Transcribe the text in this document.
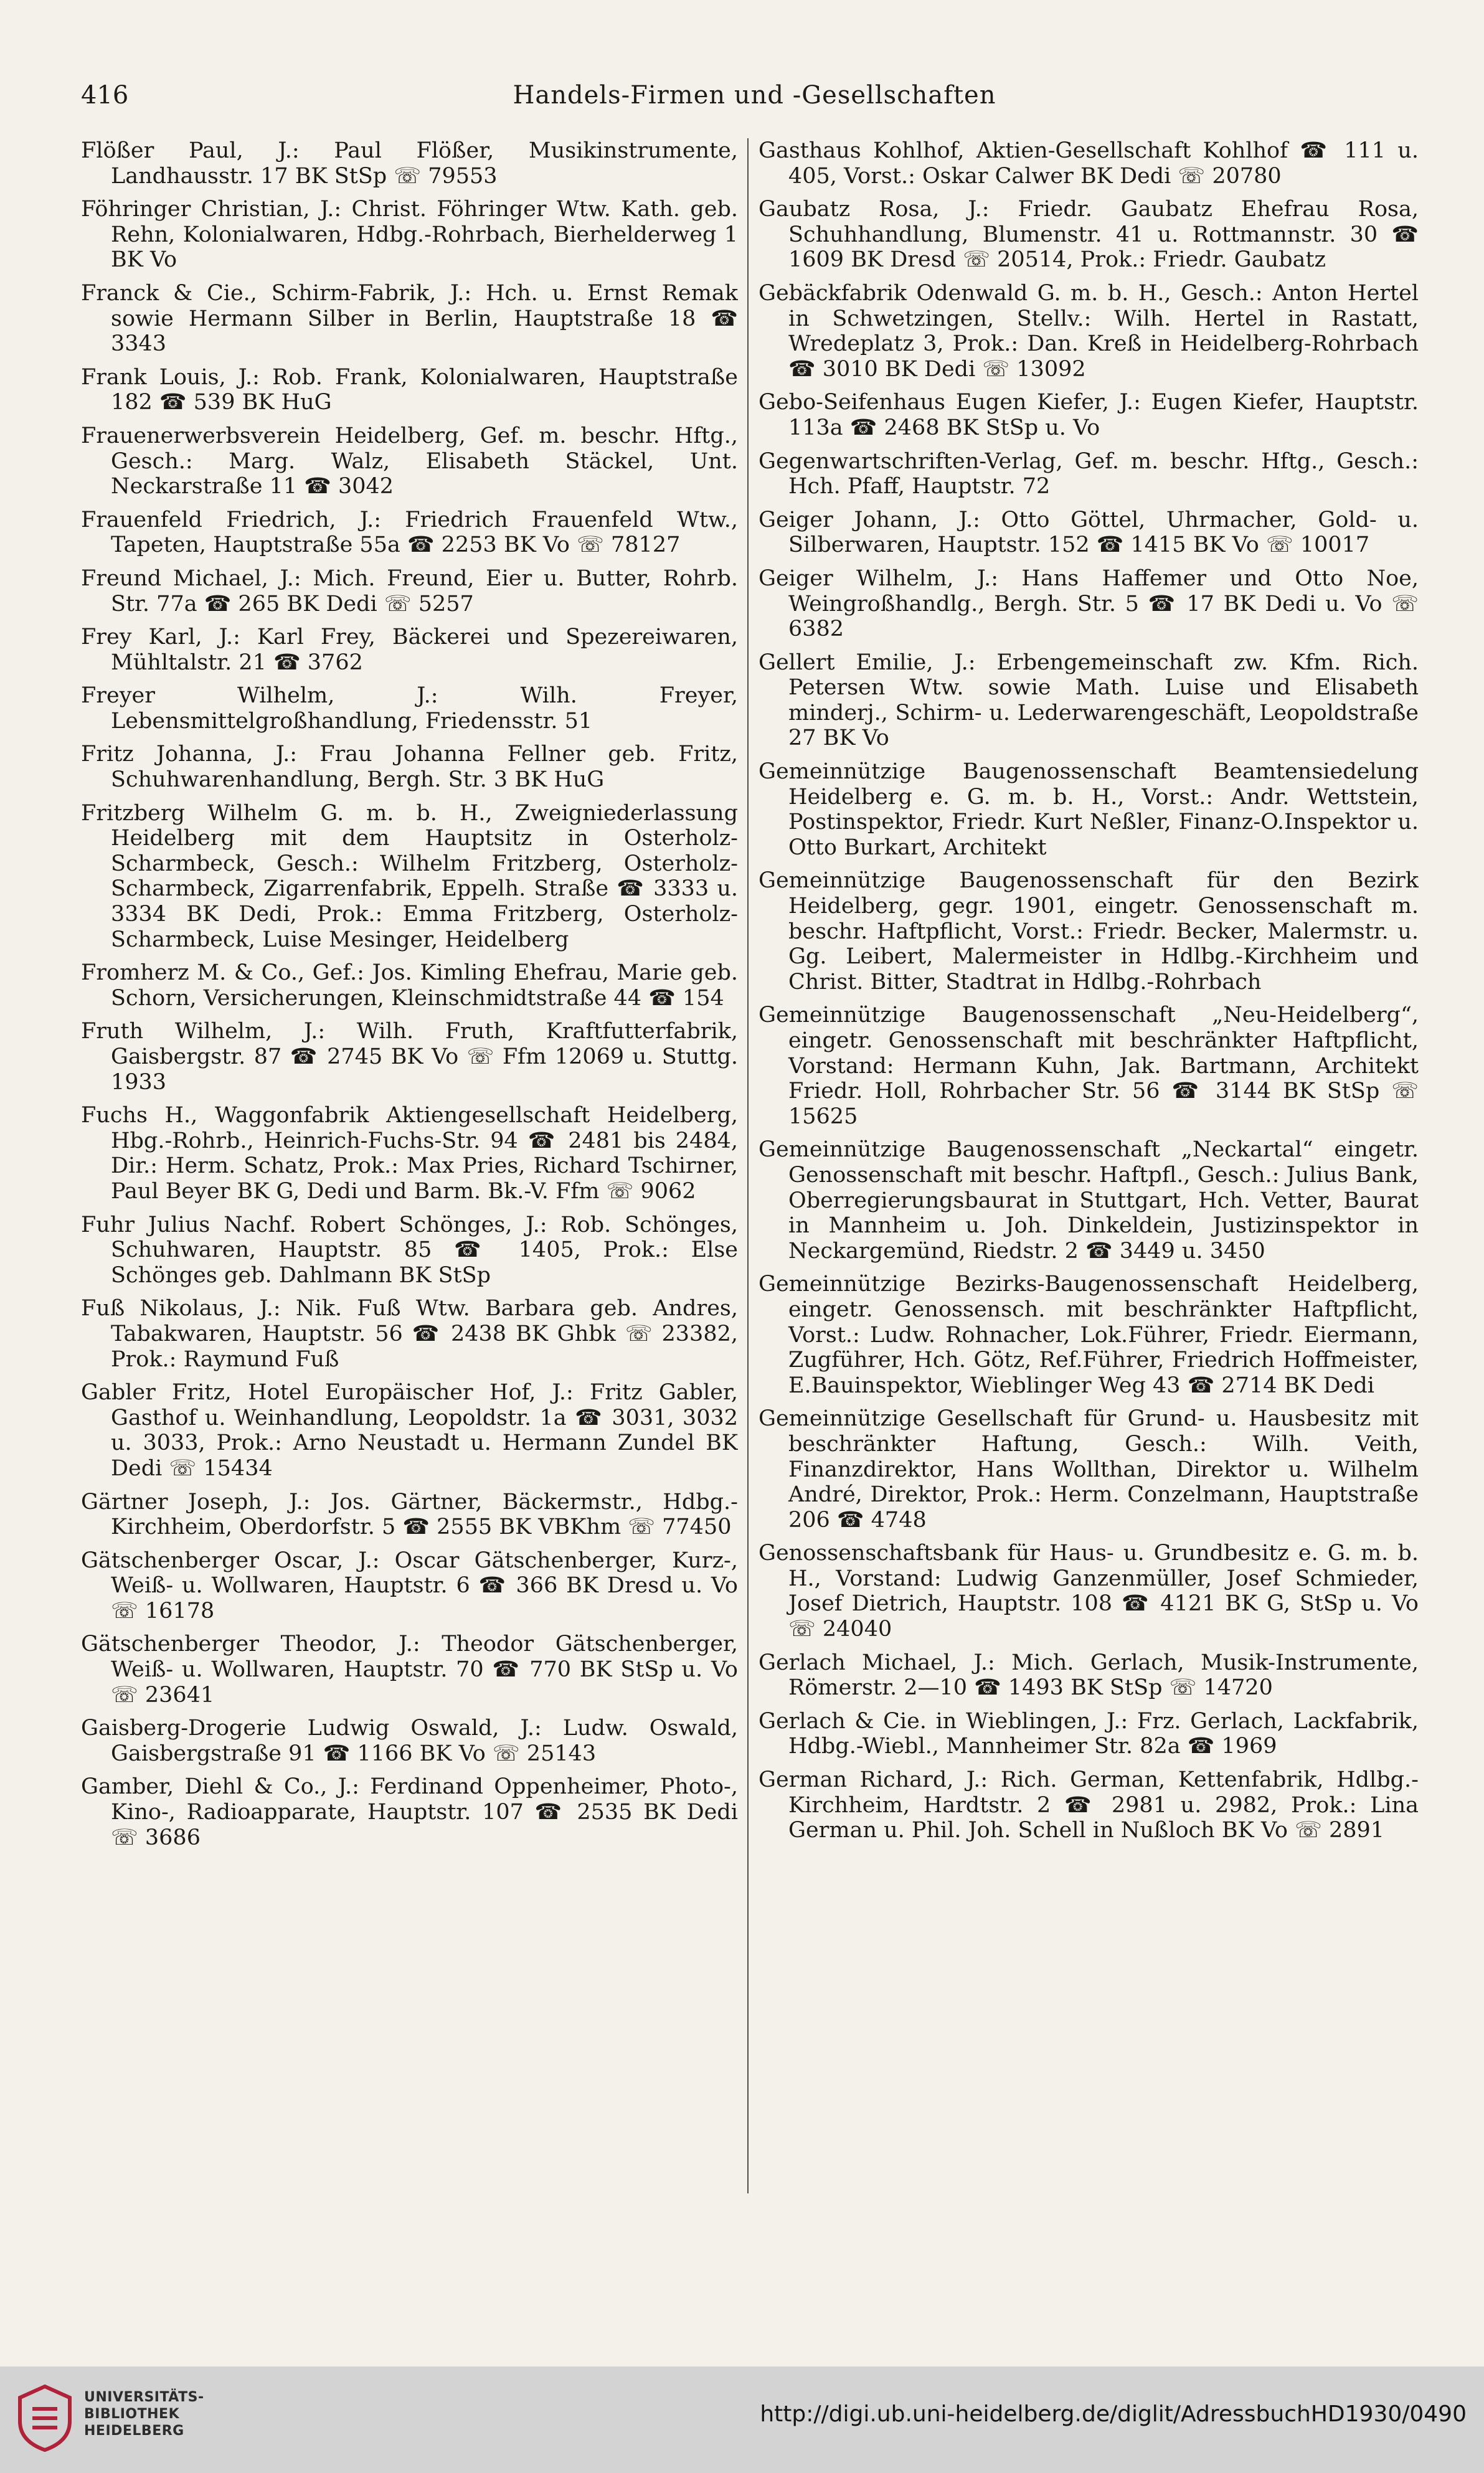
416	Handels-Firmen und -Gesellschaften

Flößer Paul, J.: Paul Flößer, Musikinstrumente, Landhausstr. 17 BK StSp ☏ 79553

Föhringer Christian, J.: Christ. Föhringer Wtw. Kath. geb. Rehn, Kolonialwaren, Hdbg.-Rohrbach, Bierhelderweg 1 BK Vo

Franck & Cie., Schirm-Fabrik, J.: Hch. u. Ernst Remak sowie Hermann Silber in Berlin, Hauptstraße 18 ☎ 3343

Frank Louis, J.: Rob. Frank, Kolonialwaren, Hauptstraße 182 ☎ 539 BK HuG

Frauenerwerbsverein Heidelberg, Gef. m. beschr. Hftg., Gesch.: Marg. Walz, Elisabeth Stäckel, Unt. Neckarstraße 11 ☎ 3042

Frauenfeld Friedrich, J.: Friedrich Frauenfeld Wtw., Tapeten, Hauptstraße 55a ☎ 2253 BK Vo ☏ 78127

Freund Michael, J.: Mich. Freund, Eier u. Butter, Rohrb. Str. 77a ☎ 265 BK Dedi ☏ 5257

Frey Karl, J.: Karl Frey, Bäckerei und Spezereiwaren, Mühltalstr. 21 ☎ 3762

Freyer Wilhelm, J.: Wilh. Freyer, Lebensmittelgroßhandlung, Friedensstr. 51

Fritz Johanna, J.: Frau Johanna Fellner geb. Fritz, Schuhwarenhandlung, Bergh. Str. 3 BK HuG

Fritzberg Wilhelm G. m. b. H., Zweigniederlassung Heidelberg mit dem Hauptsitz in Osterholz-Scharmbeck, Gesch.: Wilhelm Fritzberg, Osterholz-Scharmbeck, Zigarrenfabrik, Eppelh. Straße ☎ 3333 u. 3334 BK Dedi, Prok.: Emma Fritzberg, Osterholz-Scharmbeck, Luise Mesinger, Heidelberg

Fromherz M. & Co., Gef.: Jos. Kimling Ehefrau, Marie geb. Schorn, Versicherungen, Kleinschmidtstraße 44 ☎ 154

Fruth Wilhelm, J.: Wilh. Fruth, Kraftfutterfabrik, Gaisbergstr. 87 ☎ 2745 BK Vo ☏ Ffm 12069 u. Stuttg. 1933

Fuchs H., Waggonfabrik Aktiengesellschaft Heidelberg, Hbg.-Rohrb., Heinrich-Fuchs-Str. 94 ☎ 2481 bis 2484, Dir.: Herm. Schatz, Prok.: Max Pries, Richard Tschirner, Paul Beyer BK G, Dedi und Barm. Bk.-V. Ffm ☏ 9062

Fuhr Julius Nachf. Robert Schönges, J.: Rob. Schönges, Schuhwaren, Hauptstr. 85 ☎ 1405, Prok.: Else Schönges geb. Dahlmann BK StSp

Fuß Nikolaus, J.: Nik. Fuß Wtw. Barbara geb. Andres, Tabakwaren, Hauptstr. 56 ☎ 2438 BK Ghbk ☏ 23382, Prok.: Raymund Fuß

Gabler Fritz, Hotel Europäischer Hof, J.: Fritz Gabler, Gasthof u. Weinhandlung, Leopoldstr. 1a ☎ 3031, 3032 u. 3033, Prok.: Arno Neustadt u. Hermann Zundel BK Dedi ☏ 15434

Gärtner Joseph, J.: Jos. Gärtner, Bäckermstr., Hdbg.-Kirchheim, Oberdorfstr. 5 ☎ 2555 BK VBKhm ☏ 77450

Gätschenberger Oscar, J.: Oscar Gätschenberger, Kurz-, Weiß- u. Wollwaren, Hauptstr. 6 ☎ 366 BK Dresd u. Vo ☏ 16178

Gätschenberger Theodor, J.: Theodor Gätschenberger, Weiß- u. Wollwaren, Hauptstr. 70 ☎ 770 BK StSp u. Vo ☏ 23641

Gaisberg-Drogerie Ludwig Oswald, J.: Ludw. Oswald, Gaisbergstraße 91 ☎ 1166 BK Vo ☏ 25143

Gamber, Diehl & Co., J.: Ferdinand Oppenheimer, Photo-, Kino-, Radioapparate, Hauptstr. 107 ☎ 2535 BK Dedi ☏ 3686

Gasthaus Kohlhof, Aktien-Gesellschaft Kohlhof ☎ 111 u. 405, Vorst.: Oskar Calwer BK Dedi ☏ 20780

Gaubatz Rosa, J.: Friedr. Gaubatz Ehefrau Rosa, Schuhhandlung, Blumenstr. 41 u. Rottmannstr. 30 ☎ 1609 BK Dresd ☏ 20514, Prok.: Friedr. Gaubatz

Gebäckfabrik Odenwald G. m. b. H., Gesch.: Anton Hertel in Schwetzingen, Stellv.: Wilh. Hertel in Rastatt, Wredeplatz 3, Prok.: Dan. Kreß in Heidelberg-Rohrbach ☎ 3010 BK Dedi ☏ 13092

Gebo-Seifenhaus Eugen Kiefer, J.: Eugen Kiefer, Hauptstr. 113a ☎ 2468 BK StSp u. Vo

Gegenwartschriften-Verlag, Gef. m. beschr. Hftg., Gesch.: Hch. Pfaff, Hauptstr. 72

Geiger Johann, J.: Otto Göttel, Uhrmacher, Gold- u. Silberwaren, Hauptstr. 152 ☎ 1415 BK Vo ☏ 10017

Geiger Wilhelm, J.: Hans Haffemer und Otto Noe, Weingroßhandlg., Bergh. Str. 5 ☎ 17 BK Dedi u. Vo ☏ 6382

Gellert Emilie, J.: Erbengemeinschaft zw. Kfm. Rich. Petersen Wtw. sowie Math. Luise und Elisabeth minderj., Schirm- u. Lederwarengeschäft, Leopoldstraße 27 BK Vo

Gemeinnützige Baugenossenschaft Beamtensiedelung Heidelberg e. G. m. b. H., Vorst.: Andr. Wettstein, Postinspektor, Friedr. Kurt Neßler, Finanz-O.Inspektor u. Otto Burkart, Architekt

Gemeinnützige Baugenossenschaft für den Bezirk Heidelberg, gegr. 1901, eingetr. Genossenschaft m. beschr. Haftpflicht, Vorst.: Friedr. Becker, Malermstr. u. Gg. Leibert, Malermeister in Hdlbg.-Kirchheim und Christ. Bitter, Stadtrat in Hdlbg.-Rohrbach

Gemeinnützige Baugenossenschaft „Neu-Heidelberg“, eingetr. Genossenschaft mit beschränkter Haftpflicht, Vorstand: Hermann Kuhn, Jak. Bartmann, Architekt Friedr. Holl, Rohrbacher Str. 56 ☎ 3144 BK StSp ☏ 15625

Gemeinnützige Baugenossenschaft „Neckartal“ eingetr. Genossenschaft mit beschr. Haftpfl., Gesch.: Julius Bank, Oberregierungsbaurat in Stuttgart, Hch. Vetter, Baurat in Mannheim u. Joh. Dinkeldein, Justizinspektor in Neckargemünd, Riedstr. 2 ☎ 3449 u. 3450

Gemeinnützige Bezirks-Baugenossenschaft Heidelberg, eingetr. Genossensch. mit beschränkter Haftpflicht, Vorst.: Ludw. Rohnacher, Lok.Führer, Friedr. Eiermann, Zugführer, Hch. Götz, Ref.Führer, Friedrich Hoffmeister, E.Bauinspektor, Wieblinger Weg 43 ☎ 2714 BK Dedi

Gemeinnützige Gesellschaft für Grund- u. Hausbesitz mit beschränkter Haftung, Gesch.: Wilh. Veith, Finanzdirektor, Hans Wollthan, Direktor u. Wilhelm André, Direktor, Prok.: Herm. Conzelmann, Hauptstraße 206 ☎ 4748

Genossenschaftsbank für Haus- u. Grundbesitz e. G. m. b. H., Vorstand: Ludwig Ganzenmüller, Josef Schmieder, Josef Dietrich, Hauptstr. 108 ☎ 4121 BK G, StSp u. Vo ☏ 24040

Gerlach Michael, J.: Mich. Gerlach, Musik-Instrumente, Römerstr. 2—10 ☎ 1493 BK StSp ☏ 14720

Gerlach & Cie. in Wieblingen, J.: Frz. Gerlach, Lackfabrik, Hdbg.-Wiebl., Mannheimer Str. 82a ☎ 1969

German Richard, J.: Rich. German, Kettenfabrik, Hdlbg.-Kirchheim, Hardtstr. 2 ☎ 2981 u. 2982, Prok.: Lina German u. Phil. Joh. Schell in Nußloch BK Vo ☏ 2891

UNIVERSITÄTS-
BIBLIOTHEK
HEIDELBERG
http://digi.ub.uni-heidelberg.de/diglit/AdressbuchHD1930/0490
